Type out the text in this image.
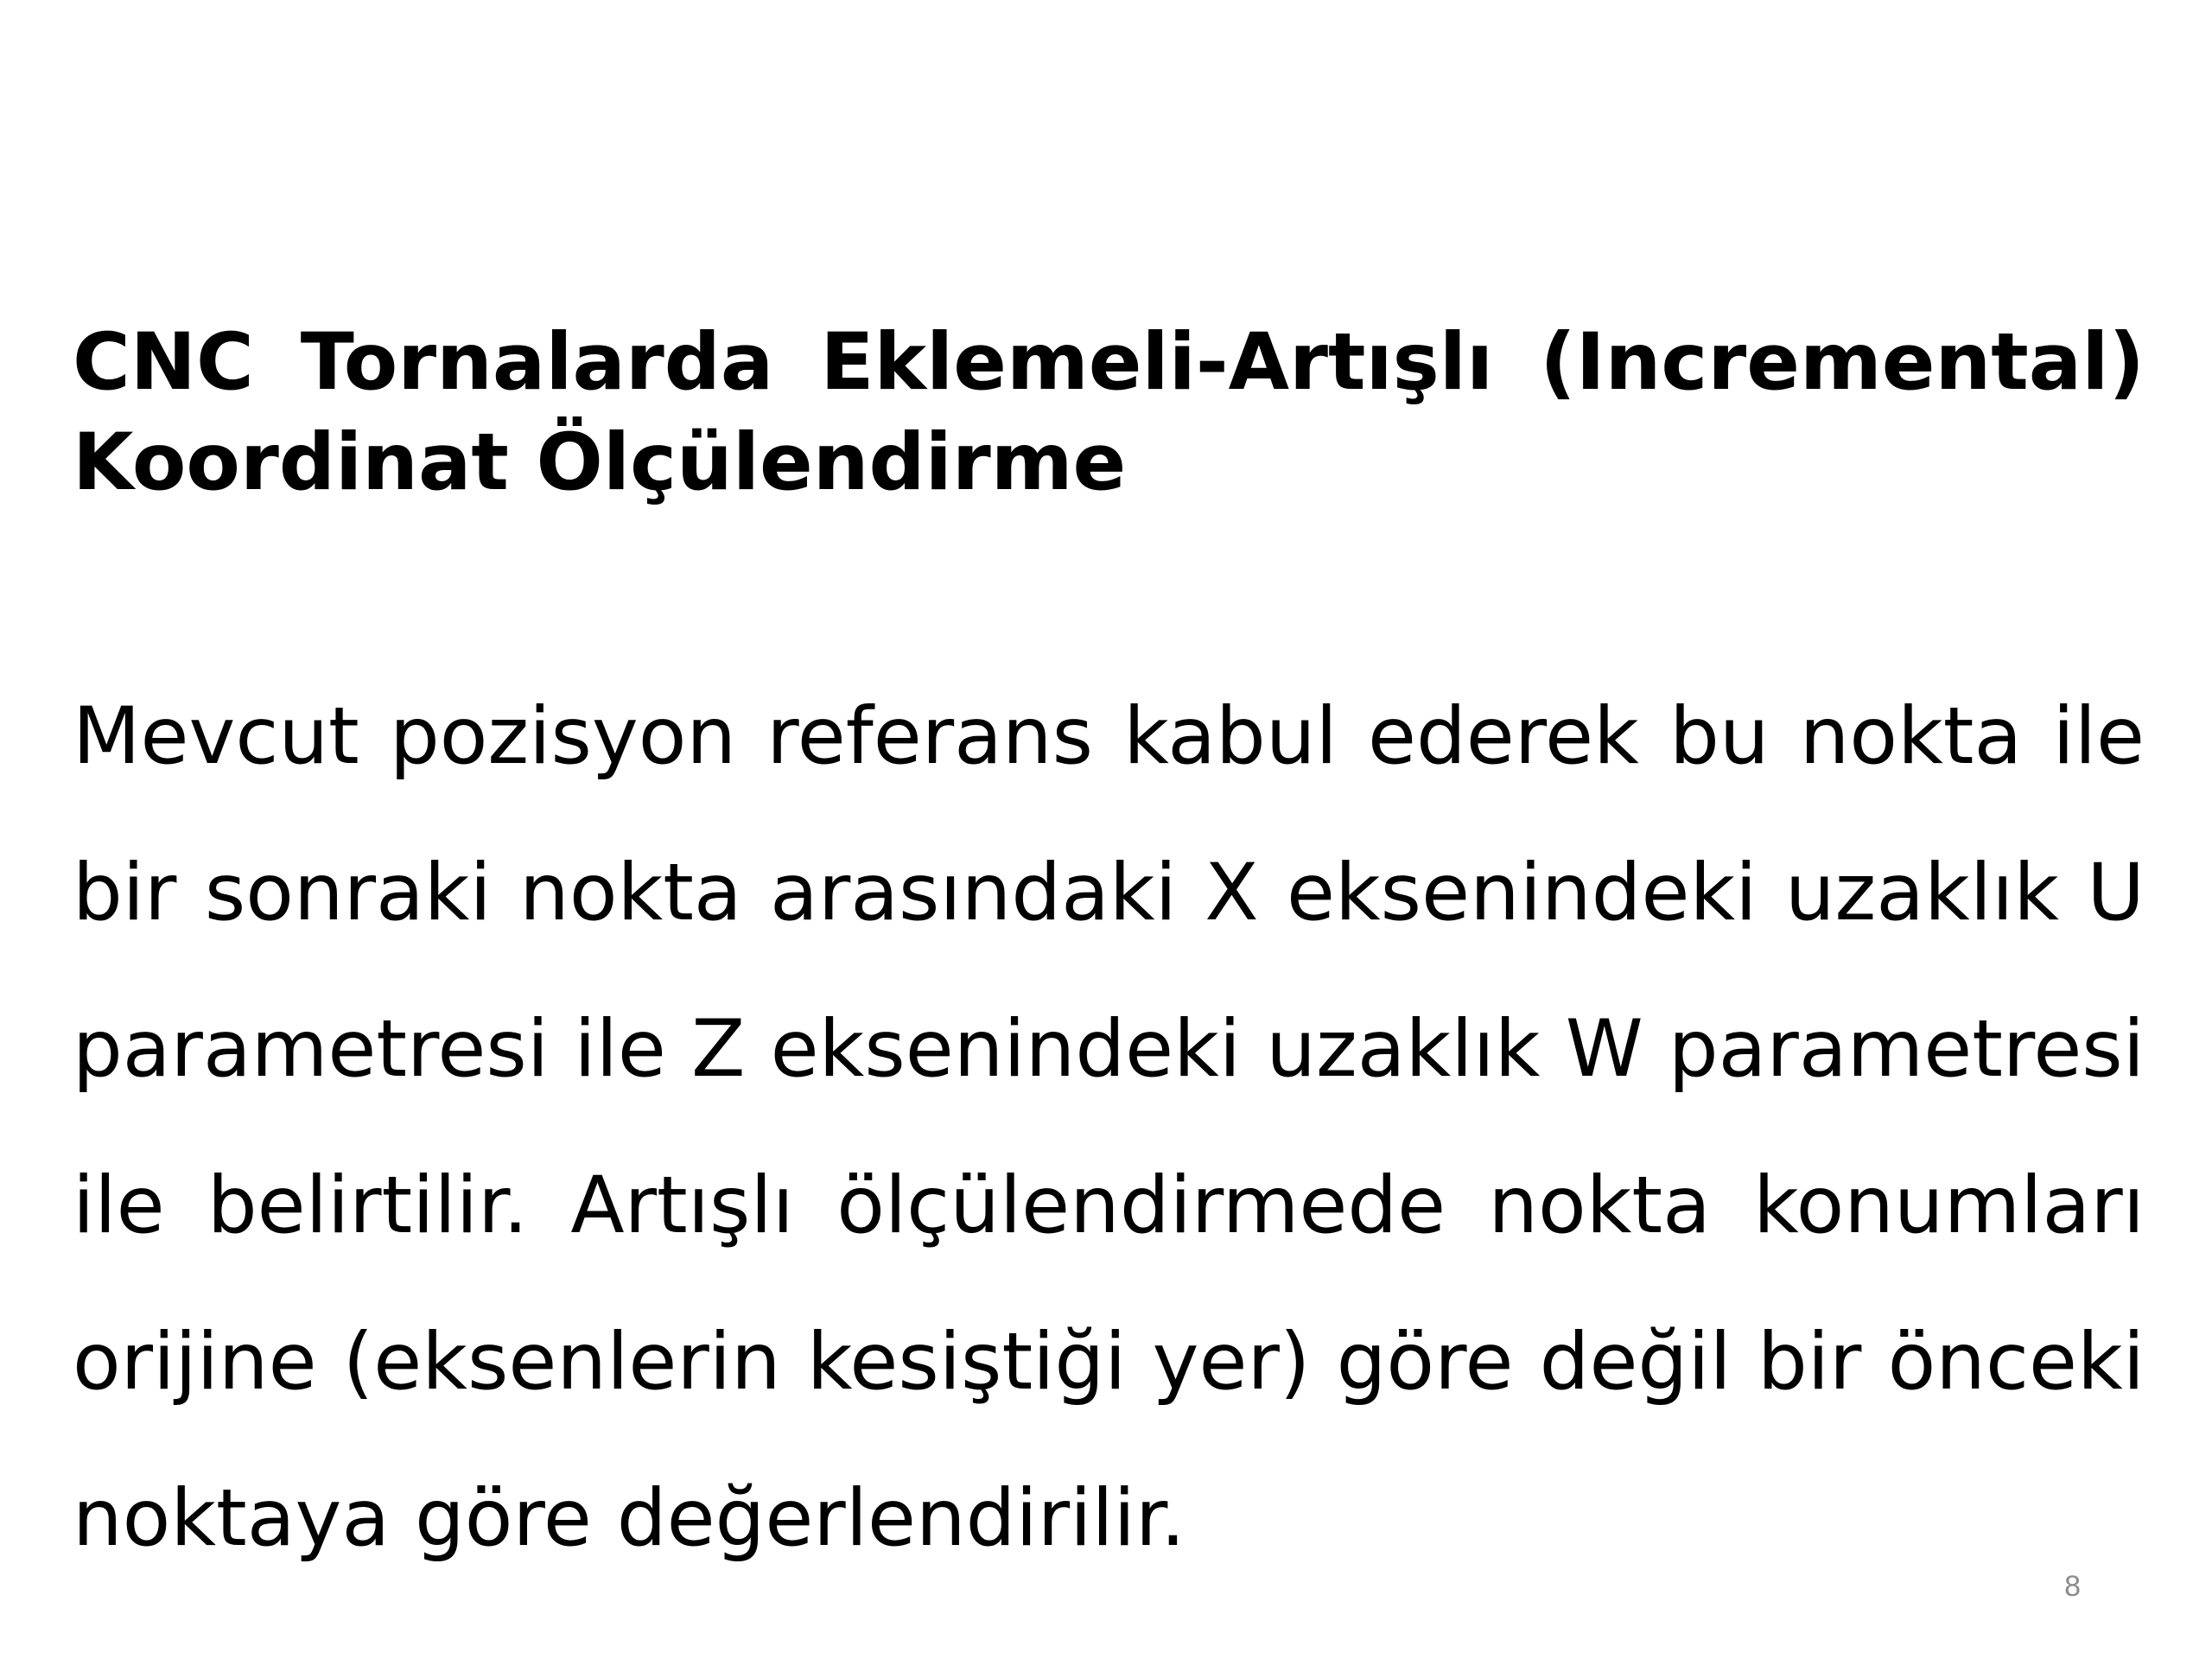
CNC Tornalarda Eklemeli-Artışlı (Incremental) Koordinat Ölçülendirme

Mevcut pozisyon referans kabul ederek bu nokta ile bir sonraki nokta arasındaki X eksenindeki uzaklık U parametresi ile Z eksenindeki uzaklık W parametresi ile belirtilir. Artışlı ölçülendirmede nokta konumları orijine (eksenlerin kesiştiği yer) göre değil bir önceki noktaya göre değerlendirilir.

8
